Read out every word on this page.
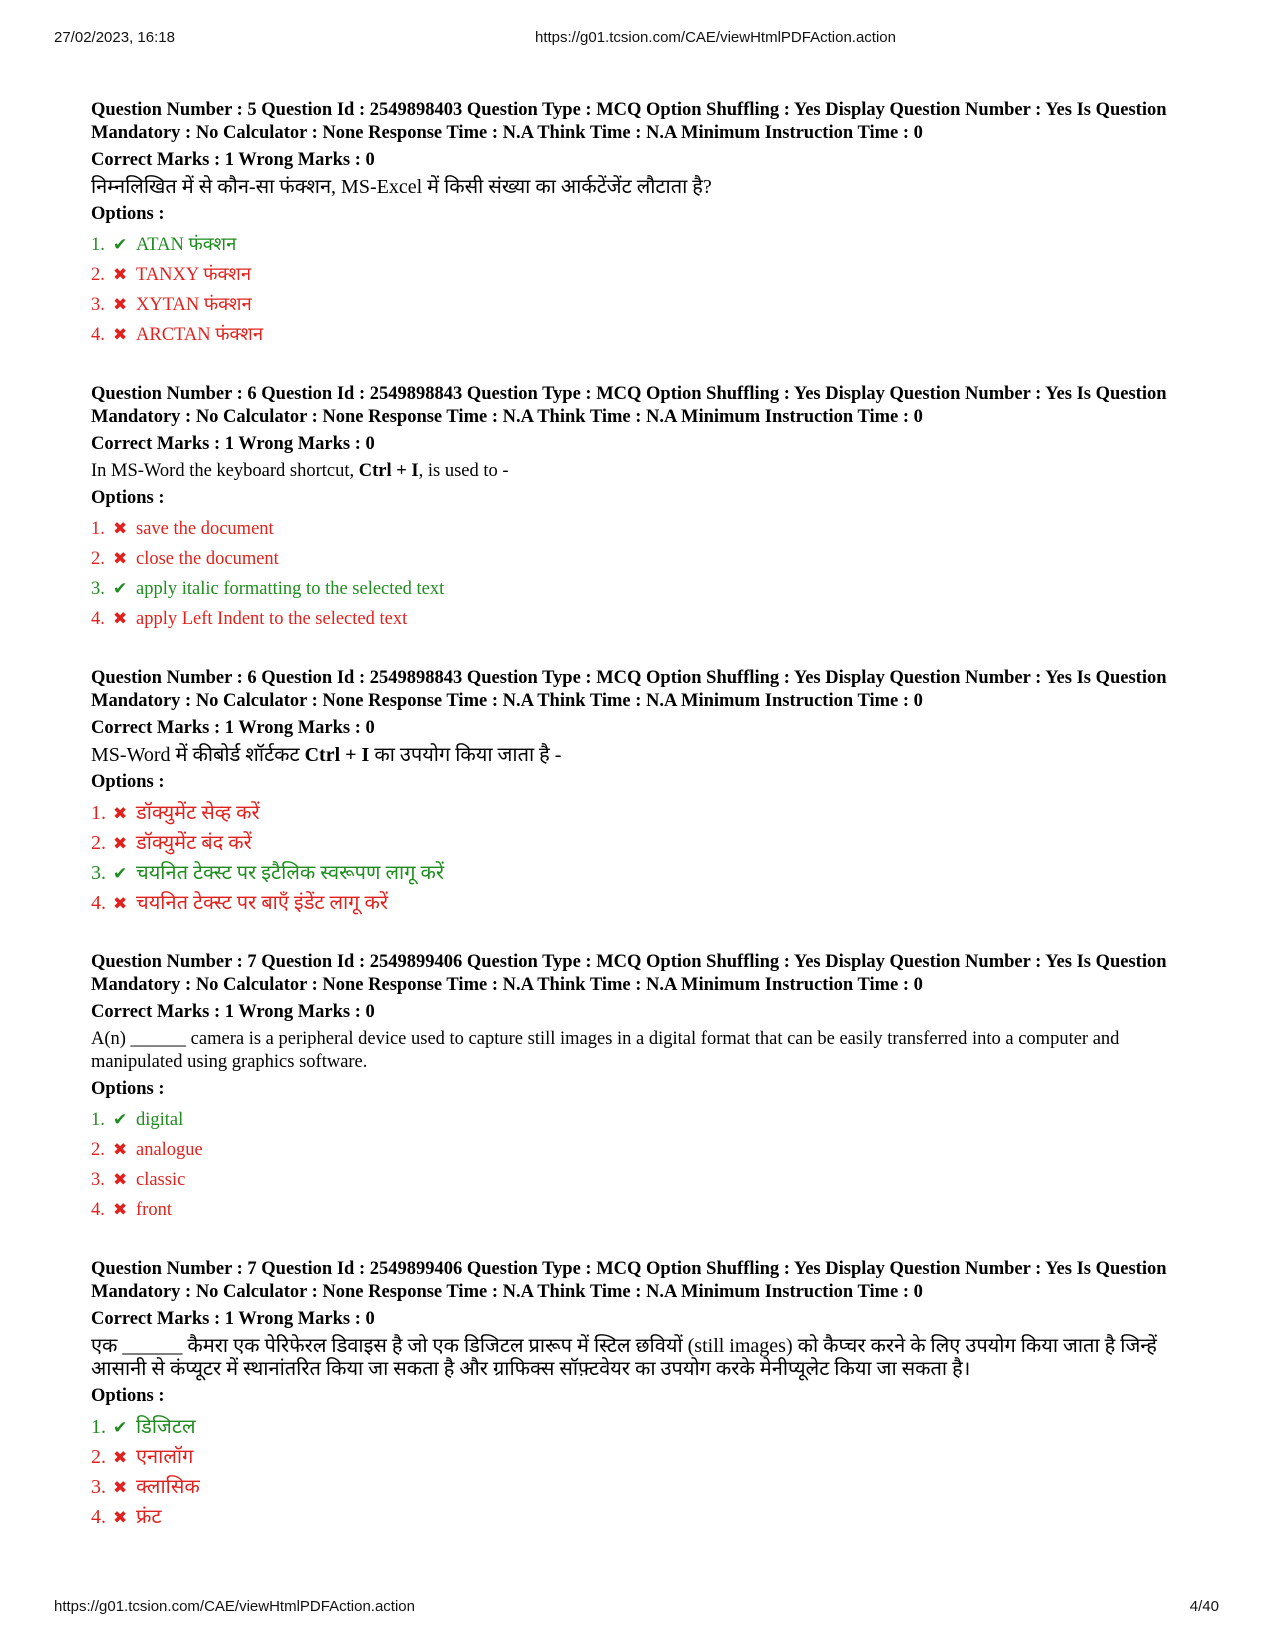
27/02/2023, 16:18	https://g01.tcsion.com/CAE/viewHtmlPDFAction.action
Question Number : 5 Question Id : 2549898403 Question Type : MCQ Option Shuffling : Yes Display Question Number : Yes Is Question Mandatory : No Calculator : None Response Time : N.A Think Time : N.A Minimum Instruction Time : 0
Correct Marks : 1 Wrong Marks : 0
निम्नलिखित में से कौन-सा फंक्शन, MS-Excel में किसी संख्या का आर्कटेंजेंट लौटाता है?
Options :
1. ✔ ATAN फंक्शन
2. ✖ TANXY फंक्शन
3. ✖ XYTAN फंक्शन
4. ✖ ARCTAN फंक्शन
Question Number : 6 Question Id : 2549898843 Question Type : MCQ Option Shuffling : Yes Display Question Number : Yes Is Question Mandatory : No Calculator : None Response Time : N.A Think Time : N.A Minimum Instruction Time : 0
Correct Marks : 1 Wrong Marks : 0
In MS-Word the keyboard shortcut, Ctrl + I, is used to -
Options :
1. ✖ save the document
2. ✖ close the document
3. ✔ apply italic formatting to the selected text
4. ✖ apply Left Indent to the selected text
Question Number : 6 Question Id : 2549898843 Question Type : MCQ Option Shuffling : Yes Display Question Number : Yes Is Question Mandatory : No Calculator : None Response Time : N.A Think Time : N.A Minimum Instruction Time : 0
Correct Marks : 1 Wrong Marks : 0
MS-Word में कीबोर्ड शॉर्टकट Ctrl + I का उपयोग किया जाता है -
Options :
1. ✖ डॉक्युमेंट सेव्ह करें
2. ✖ डॉक्युमेंट बंद करें
3. ✔ चयनित टेक्स्ट पर इटैलिक स्वरूपण लागू करें
4. ✖ चयनित टेक्स्ट पर बाएँ इंडेंट लागू करें
Question Number : 7 Question Id : 2549899406 Question Type : MCQ Option Shuffling : Yes Display Question Number : Yes Is Question Mandatory : No Calculator : None Response Time : N.A Think Time : N.A Minimum Instruction Time : 0
Correct Marks : 1 Wrong Marks : 0
A(n) ______ camera is a peripheral device used to capture still images in a digital format that can be easily transferred into a computer and manipulated using graphics software.
Options :
1. ✔ digital
2. ✖ analogue
3. ✖ classic
4. ✖ front
Question Number : 7 Question Id : 2549899406 Question Type : MCQ Option Shuffling : Yes Display Question Number : Yes Is Question Mandatory : No Calculator : None Response Time : N.A Think Time : N.A Minimum Instruction Time : 0
Correct Marks : 1 Wrong Marks : 0
एक ______ कैमरा एक पेरिफेरल डिवाइस है जो एक डिजिटल प्रारूप में स्टिल छवियों (still images) को कैप्चर करने के लिए उपयोग किया जाता है जिन्हें आसानी से कंप्यूटर में स्थानांतरित किया जा सकता है और ग्राफिक्स सॉफ़्टवेयर का उपयोग करके मेनीप्यूलेट किया जा सकता है।
Options :
1. ✔ डिजिटल
2. ✖ एनालॉग
3. ✖ क्लासिक
4. ✖ फ्रंट
https://g01.tcsion.com/CAE/viewHtmlPDFAction.action	4/40
